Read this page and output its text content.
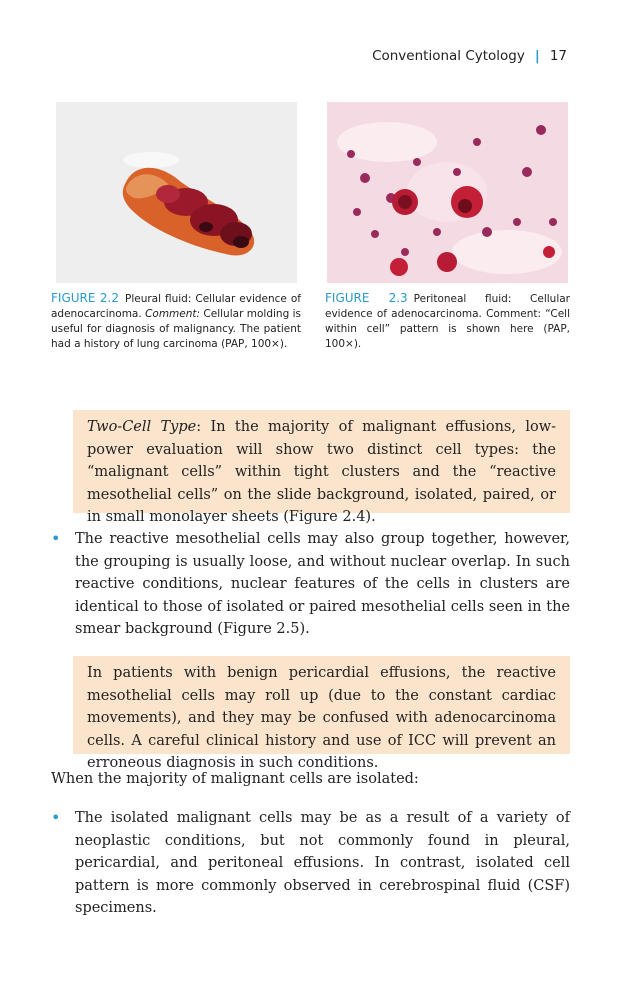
Conventional Cytology | 17
FIGURE 2.2 Pleural fluid: Cellular evidence of adenocarcinoma. Comment: Cellular molding is useful for diagnosis of malignancy. The patient had a history of lung carcinoma (PAP, 100×).
FIGURE 2.3 Peritoneal fluid: Cellular evidence of adenocarcinoma. Comment: “Cell within cell” pattern is shown here (PAP, 100×).
Two-Cell Type: In the majority of malignant effusions, low-power evaluation will show two distinct cell types: the “malignant cells” within tight clusters and the “reactive mesothelial cells” on the slide background, isolated, paired, or in small monolayer sheets (Figure 2.4).
• The reactive mesothelial cells may also group together, however, the grouping is usually loose, and without nuclear overlap. In such reactive conditions, nuclear features of the cells in clusters are identical to those of isolated or paired mesothelial cells seen in the smear background (Figure 2.5).
In patients with benign pericardial effusions, the reactive mesothelial cells may roll up (due to the constant cardiac movements), and they may be confused with adenocarcinoma cells. A careful clinical history and use of ICC will prevent an erroneous diagnosis in such conditions.
When the majority of malignant cells are isolated:
• The isolated malignant cells may be as a result of a variety of neoplastic conditions, but not commonly found in pleural, pericardial, and peritoneal effusions. In contrast, isolated cell pattern is more commonly observed in cerebrospinal fluid (CSF) specimens.
